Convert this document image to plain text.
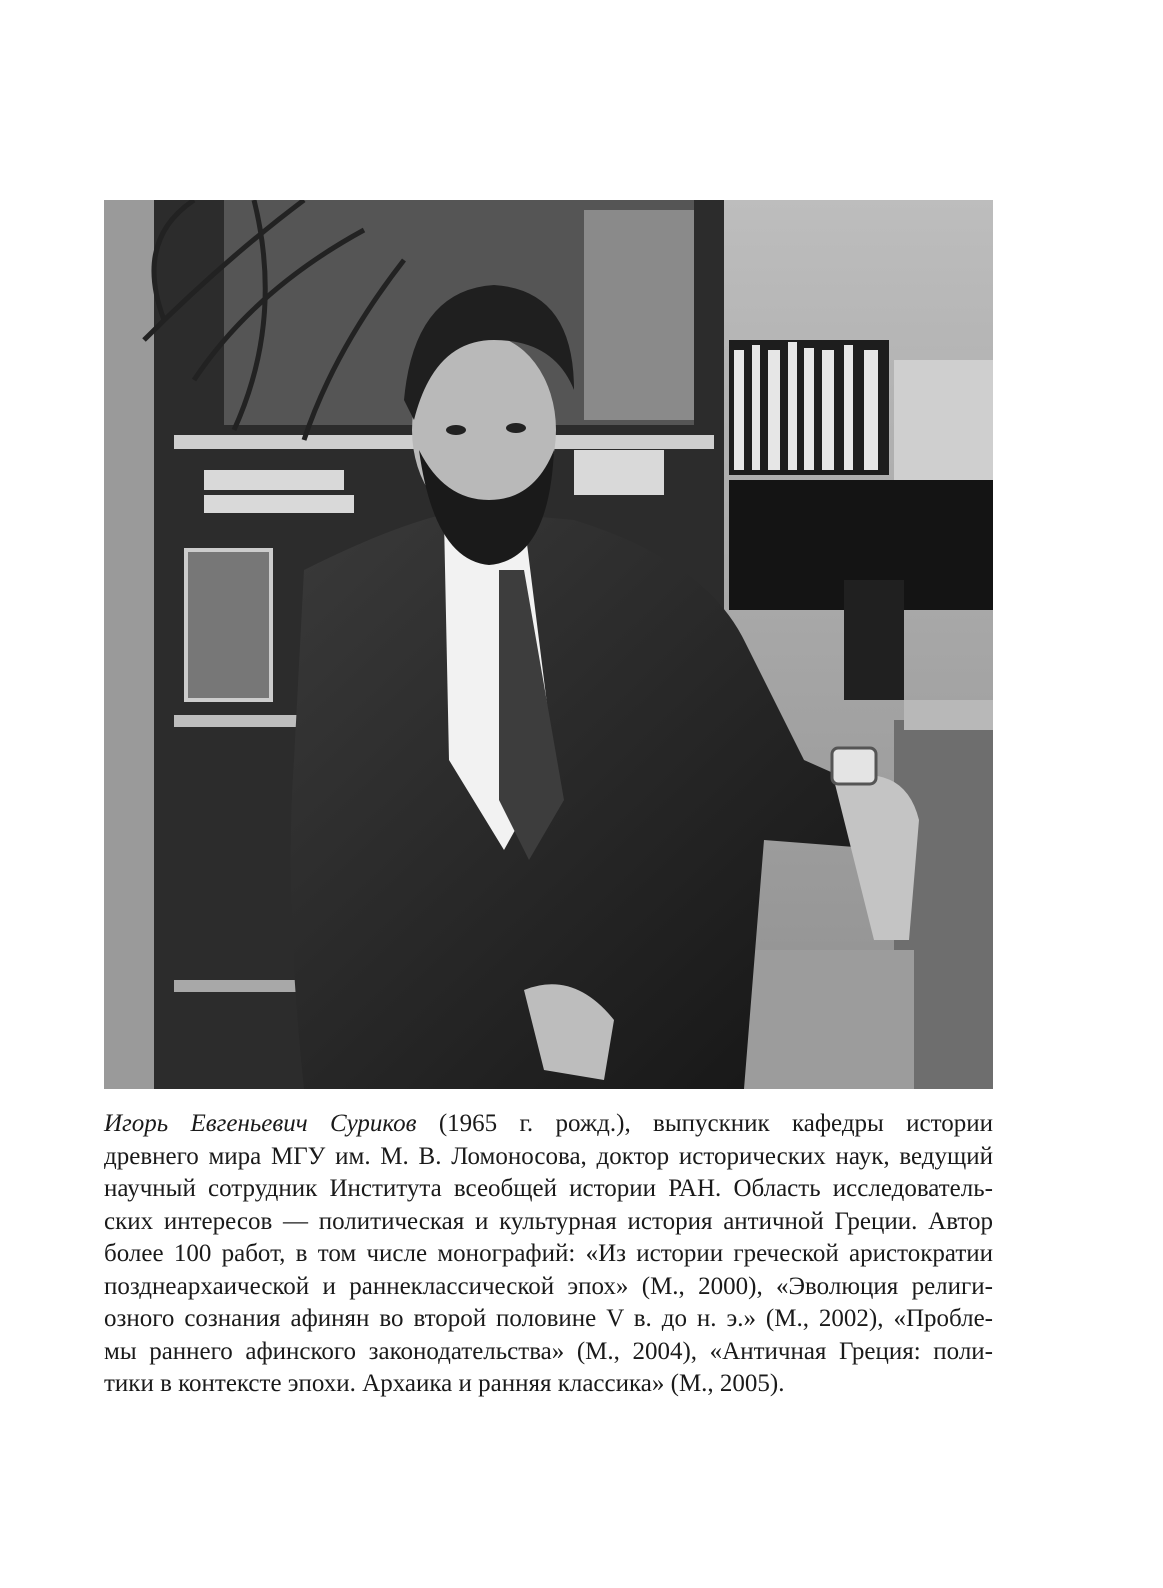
Игорь Евгеньевич Суриков (1965 г. рожд.), выпускник кафедры истории
древнего мира МГУ им. М. В. Ломоносова, доктор исторических наук, ведущий
научный сотрудник Института всеобщей истории РАН. Область исследователь-
ских интересов — политическая и культурная история античной Греции. Автор
более 100 работ, в том числе монографий: «Из истории греческой аристократии
позднеархаической и раннеклассической эпох» (М., 2000), «Эволюция религи-
озного сознания афинян во второй половине V в. до н. э.» (М., 2002), «Пробле-
мы раннего афинского законодательства» (М., 2004), «Античная Греция: поли-
тики в контексте эпохи. Архаика и ранняя классика» (М., 2005).
